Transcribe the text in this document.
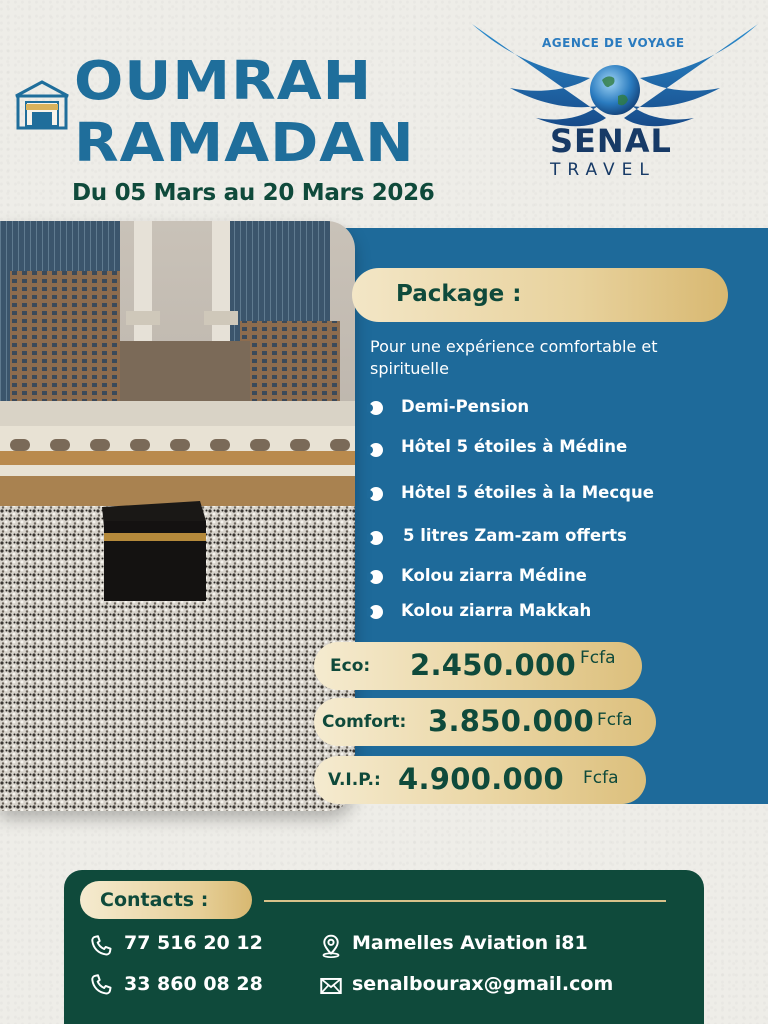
OUMRAH
RAMADAN
Du 05 Mars au 20 Mars 2026
AGENCE DE VOYAGE
SENAL
TRAVEL
Package :
Pour une expérience comfortable et spirituelle
Demi-Pension
Hôtel 5 étoiles à Médine
Hôtel 5 étoiles à la Mecque
5 litres Zam-zam offerts
Kolou ziarra Médine
Kolou ziarra Makkah
Eco: 2.450.000 Fcfa
Comfort: 3.850.000 Fcfa
V.I.P.: 4.900.000 Fcfa
Contacts :
77 516 20 12
33 860 08 28
Mamelles Aviation i81
senalbourax@gmail.com
